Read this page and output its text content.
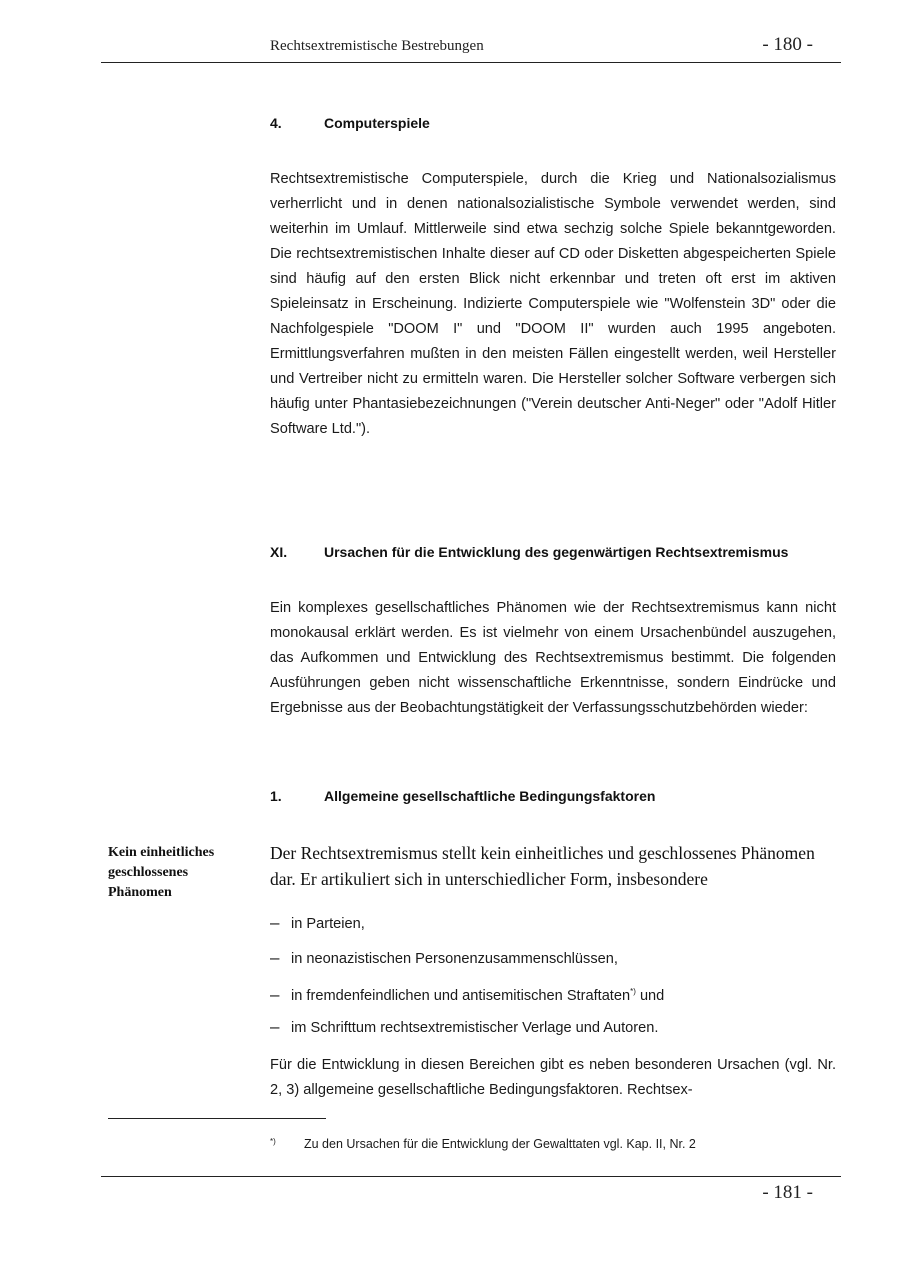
Rechtsextremistische Bestrebungen	- 180 -
4.	Computerspiele

Rechtsextremistische Computerspiele, durch die Krieg und Nationalsozialismus verherrlicht und in denen nationalsozialistische Symbole verwendet werden, sind weiterhin im Umlauf. Mittlerweile sind etwa sechzig solche Spiele bekanntgeworden. Die rechtsextremistischen Inhalte dieser auf CD oder Disketten abgespeicherten Spiele sind häufig auf den ersten Blick nicht erkennbar und treten oft erst im aktiven Spieleinsatz in Erscheinung. Indizierte Computerspiele wie "Wolfenstein 3D" oder die Nachfolgespiele "DOOM I" und "DOOM II" wurden auch 1995 angeboten. Ermittlungsverfahren mußten in den meisten Fällen eingestellt werden, weil Hersteller und Vertreiber nicht zu ermitteln waren. Die Hersteller solcher Software verbergen sich häufig unter Phantasiebezeichnungen ("Verein deutscher Anti-Neger" oder "Adolf Hitler Software Ltd.").

XI.	Ursachen für die Entwicklung des gegenwärtigen Rechtsextremismus

Ein komplexes gesellschaftliches Phänomen wie der Rechtsextremismus kann nicht monokausal erklärt werden. Es ist vielmehr von einem Ursachenbündel auszugehen, das Aufkommen und Entwicklung des Rechtsextremismus bestimmt. Die folgenden Ausführungen geben nicht wissenschaftliche Erkenntnisse, sondern Eindrücke und Ergebnisse aus der Beobachtungstätigkeit der Verfassungsschutzbehörden wieder:

1.	Allgemeine gesellschaftliche Bedingungsfaktoren
Kein einheitliches geschlossenes Phänomen

Der Rechtsextremismus stellt kein einheitliches und geschlossenes Phänomen dar. Er artikuliert sich in unterschiedlicher Form, insbesondere

– in Parteien,
– in neonazistischen Personenzusammenschlüssen,
– in fremdenfeindlichen und antisemitischen Straftaten*) und
– im Schrifttum rechtsextremistischer Verlage und Autoren.

Für die Entwicklung in diesen Bereichen gibt es neben besonderen Ursachen (vgl. Nr. 2, 3) allgemeine gesellschaftliche Bedingungsfaktoren. Rechtsex-

*) Zu den Ursachen für die Entwicklung der Gewalttaten vgl. Kap. II, Nr. 2
- 181 -
